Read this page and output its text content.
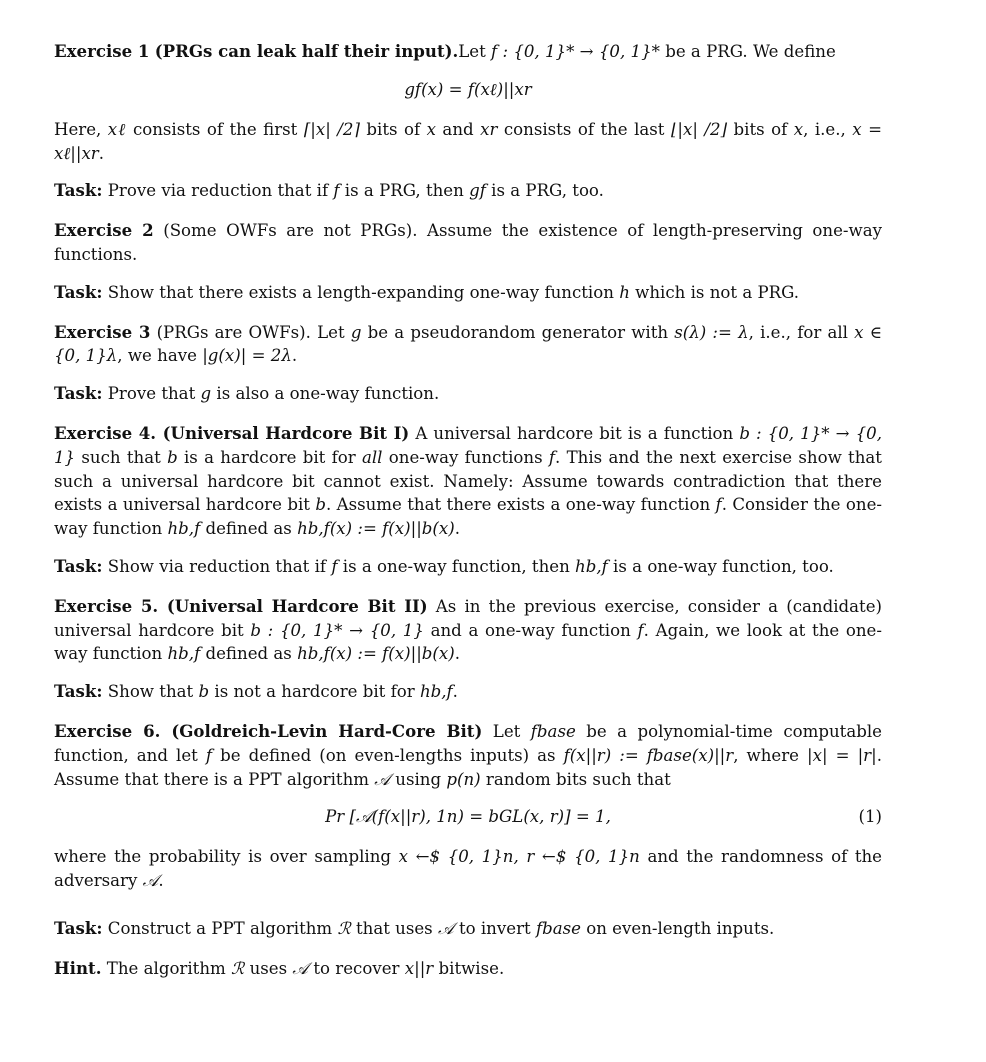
Exercise 1 (PRGs can leak half their input).Let f : {0, 1}* → {0, 1}* be a PRG. We define

gf(x) = f(xℓ)||xr

Here, xℓ consists of the first ⌈|x| /2⌉ bits of x and xr consists of the last ⌊|x| /2⌋ bits of x, i.e., x = xℓ||xr.

Task: Prove via reduction that if f is a PRG, then gf is a PRG, too.

Exercise 2 (Some OWFs are not PRGs). Assume the existence of length-preserving one-way functions.

Task: Show that there exists a length-expanding one-way function h which is not a PRG.

Exercise 3 (PRGs are OWFs). Let g be a pseudorandom generator with s(λ) := λ, i.e., for all x ∈ {0, 1}λ, we have |g(x)| = 2λ.

Task: Prove that g is also a one-way function.

Exercise 4. (Universal Hardcore Bit I) A universal hardcore bit is a function b : {0, 1}* → {0, 1} such that b is a hardcore bit for all one-way functions f. This and the next exercise show that such a universal hardcore bit cannot exist. Namely: Assume towards contradiction that there exists a universal hardcore bit b. Assume that there exists a one-way function f. Consider the one-way function hb,f defined as hb,f(x) := f(x)||b(x).

Task: Show via reduction that if f is a one-way function, then hb,f is a one-way function, too.

Exercise 5. (Universal Hardcore Bit II) As in the previous exercise, consider a (candidate) universal hardcore bit b : {0, 1}* → {0, 1} and a one-way function f. Again, we look at the one-way function hb,f defined as hb,f(x) := f(x)||b(x).

Task: Show that b is not a hardcore bit for hb,f.

Exercise 6. (Goldreich-Levin Hard-Core Bit) Let fbase be a polynomial-time computable function, and let f be defined (on even-lengths inputs) as f(x||r) := fbase(x)||r, where |x| = |r|. Assume that there is a PPT algorithm 𝒜 using p(n) random bits such that

Pr [𝒜(f(x||r), 1n) = bGL(x, r)] = 1,	(1)

where the probability is over sampling x ←$ {0, 1}n, r ←$ {0, 1}n and the randomness of the adversary 𝒜.

Task: Construct a PPT algorithm ℛ that uses 𝒜 to invert fbase on even-length inputs.

Hint. The algorithm ℛ uses 𝒜 to recover x||r bitwise.
